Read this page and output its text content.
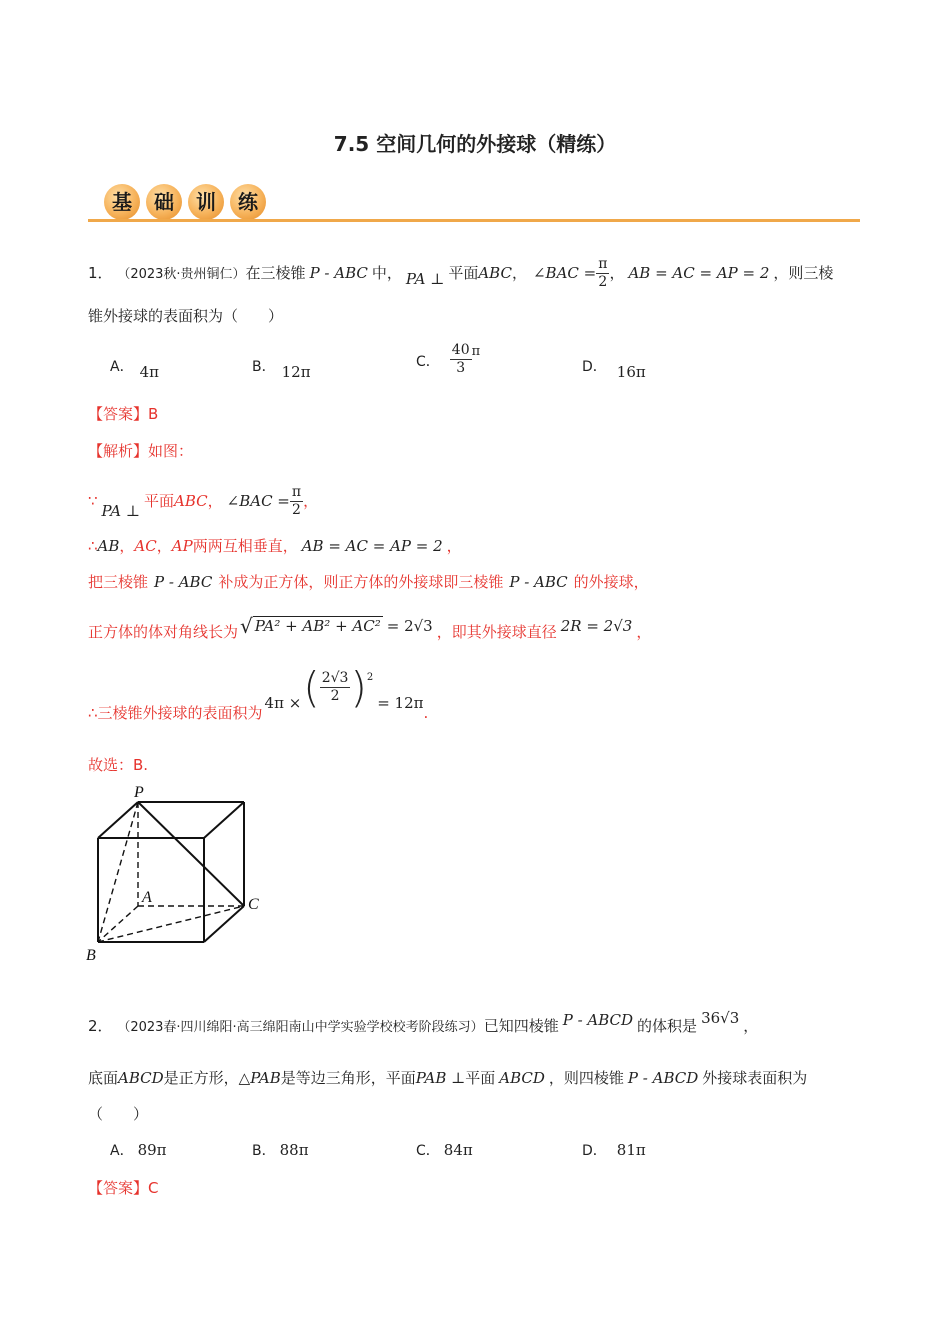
7.5 空间几何的外接球（精练）
基	础	训	练
1． （2023秋·贵州铜仁）在三棱锥 P - ABC 中， PA ⊥ 平面ABC， ∠BAC = $\frac{\pi}{2}$ ， AB = AC = AP = 2 ，则三棱
锥外接球的表面积为（　　）
A． 4π	B． 12π
C． $\frac{40}{3}$ π
D． 16π
【答案】B
【解析】如图：
∵PA ⊥平面ABC， ∠BAC = $\frac{\pi}{2}$ ，
∴AB，AC，AP两两互相垂直， AB = AC = AP = 2 ，
把三棱锥 P - ABC 补成为正方体，则正方体的外接球即三棱锥 P - ABC 的外接球，
正方体的体对角线长为 √ PA² + AB² + AC² = 2√3 ，即其外接球直径 2R = 2√3 ，
∴三棱锥外接球的表面积为4π ×( $\frac{2√3}{2} )^2= 12\pi$.
故选：B.
P
A	C
B
2． （2023春·四川绵阳·高三绵阳南山中学实验学校校考阶段练习）已知四棱锥 P - ABCD 的体积是 36√3 ，
底面ABCD是正方形，△PAB是等边三角形，平面PAB ⊥平面 ABCD ，则四棱锥 P - ABCD 外接球表面积为
（　　）
A． 89π	B． 88π	C． 84π	D． 81π
【答案】C
